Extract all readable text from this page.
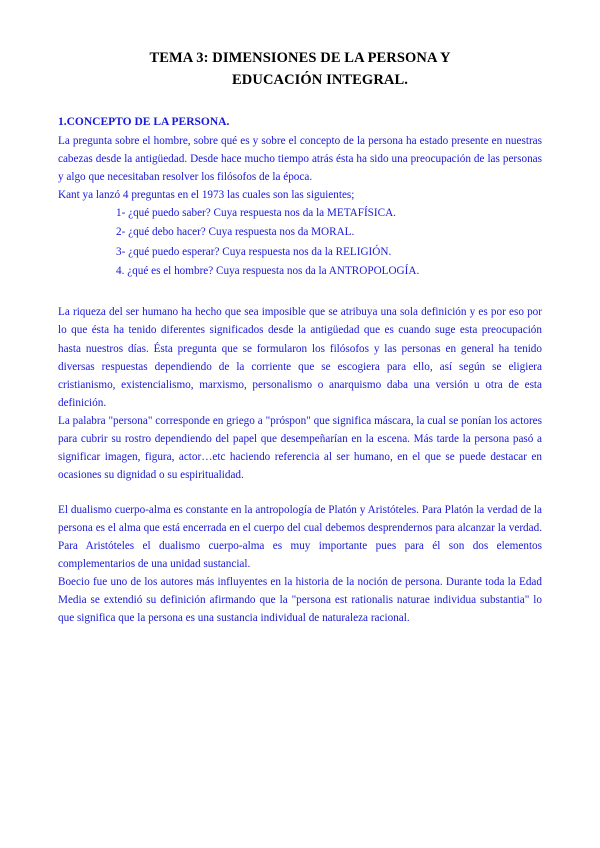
TEMA 3: DIMENSIONES DE LA PERSONA Y
EDUCACIÓN INTEGRAL.
1.CONCEPTO DE LA PERSONA.

La pregunta sobre el hombre, sobre qué es y sobre el concepto de la persona ha estado presente en nuestras cabezas desde la antigüedad. Desde hace mucho tiempo atrás ésta ha sido una preocupación de las personas y algo que necesitaban resolver los filósofos de la época.

Kant ya lanzó 4 preguntas en el 1973 las cuales son las siguientes;

1- ¿qué puedo saber? Cuya respuesta nos da la METAFÍSICA.
2- ¿qué debo hacer? Cuya respuesta nos da MORAL.
3- ¿qué puedo esperar? Cuya respuesta nos da la RELIGIÓN.
4. ¿qué es el hombre? Cuya respuesta nos da la ANTROPOLOGÍA.

La riqueza del ser humano ha hecho que sea imposible que se atribuya una sola definición y es por eso por lo que ésta ha tenido diferentes significados desde la antigüedad que es cuando suge esta preocupación hasta nuestros días. Ésta pregunta que se formularon los filósofos y las personas en general ha tenido diversas respuestas dependiendo de la corriente que se escogiera para ello, así según se eligiera cristianismo, existencialismo, marxismo, personalismo o anarquismo daba una versión u otra de esta definición.

La palabra "persona" corresponde en griego a "próspon" que significa máscara, la cual se ponían los actores para cubrir su rostro dependiendo del papel que desempeñarían en la escena. Más tarde la persona pasó a significar imagen, figura, actor…etc haciendo referencia al ser humano, en el que se puede destacar en ocasiones su dignidad o su espiritualidad.

El dualismo cuerpo-alma es constante en la antropología de Platón y Aristóteles. Para Platón la verdad de la persona es el alma que está encerrada en el cuerpo del cual debemos desprendernos para alcanzar la verdad. Para Aristóteles el dualismo cuerpo-alma es muy importante pues para él son dos elementos complementarios de una unidad sustancial.

Boecio fue uno de los autores más influyentes en la historia de la noción de persona. Durante toda la Edad Media se extendió su definición afirmando que la "persona est rationalis naturae individua substantia" lo que significa que la persona es una sustancia individual de naturaleza racional.
